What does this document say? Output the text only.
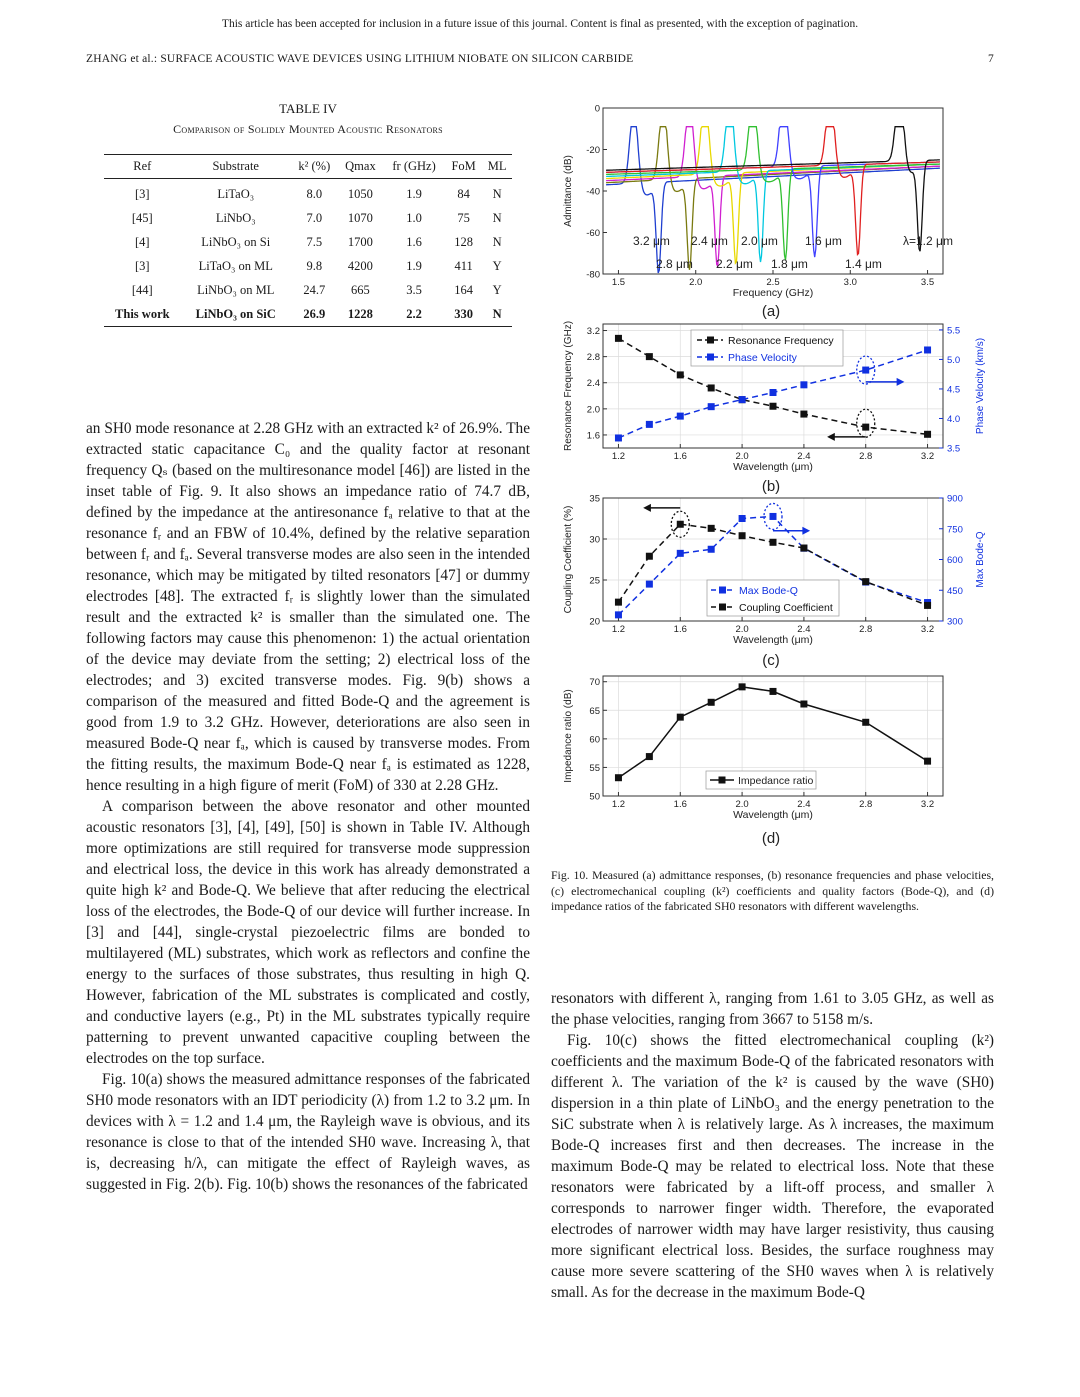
This article has been accepted for inclusion in a future issue of this journal. Content is final as presented, with the exception of pagination.
ZHANG et al.: SURFACE ACOUSTIC WAVE DEVICES USING LITHIUM NIOBATE ON SILICON CARBIDE	7
TABLE IV
Comparison of Solidly Mounted Acoustic Resonators
Ref	Substrate	k² (%)	Qmax	fr (GHz)	FoM	ML
[3]	LiTaO₃	8.0	1050	1.9	84	N
[45]	LiNbO₃	7.0	1070	1.0	75	N
[4]	LiNbO₃ on Si	7.5	1700	1.6	128	N
[3]	LiTaO₃ on ML	9.8	4200	1.9	411	Y
[44]	LiNbO₃ on ML	24.7	665	3.5	164	Y
This work	LiNbO₃ on SiC	26.9	1228	2.2	330	N

an SH0 mode resonance at 2.28 GHz with an extracted k² of 26.9%. The extracted static capacitance C₀ and the quality factor at resonant frequency Qₛ (based on the multiresonance model [46]) are listed in the inset table of Fig. 9. It also shows an impedance ratio of 74.7 dB, defined by the impedance at the antiresonance fₐ relative to that at the resonance fᵣ and an FBW of 10.4%, defined by the relative separation between fᵣ and fₐ. Several transverse modes are also seen in the intended resonance, which may be mitigated by tilted resonators [47] or dummy electrodes [48]. The extracted fᵣ is slightly lower than the simulated result and the extracted k² is smaller than the simulated one. The following factors may cause this phenomenon: 1) the actual orientation of the device may deviate from the setting; 2) electrical loss of the electrodes; and 3) excited transverse modes. Fig. 9(b) shows a comparison of the measured and fitted Bode-Q and the agreement is good from 1.9 to 3.2 GHz. However, deteriorations are also seen in measured Bode-Q near fₐ, which is caused by transverse modes. From the fitting results, the maximum Bode-Q near fₐ is estimated as 1228, hence resulting in a high figure of merit (FoM) of 330 at 2.28 GHz.

A comparison between the above resonator and other mounted acoustic resonators [3], [4], [49], [50] is shown in Table IV. Although more optimizations are still required for transverse mode suppression and electrical loss, the device in this work has already demonstrated a quite high k² and Bode-Q. We believe that after reducing the electrical loss of the electrodes, the Bode-Q of our device will further increase. In [3] and [44], single-crystal piezoelectric films are bonded to multilayered (ML) substrates, which work as reflectors and confine the energy to the surfaces of those substrates, thus resulting in high Q. However, fabrication of the ML substrates is complicated and costly, and conductive layers (e.g., Pt) in the ML substrates typically require patterning to prevent unwanted capacitive coupling between the electrodes on the top surface.

Fig. 10(a) shows the measured admittance responses of the fabricated SH0 mode resonators with an IDT periodicity (λ) from 1.2 to 3.2 μm. In devices with λ = 1.2 and 1.4 μm, the Rayleigh wave is obvious, and its resonance is close to that of the intended SH0 wave. Increasing λ, that is, decreasing h/λ, can mitigate the effect of Rayleigh waves, as suggested in Fig. 2(b). Fig. 10(b) shows the resonances of the fabricated

1.5	2.0	2.5	3.0	3.5
0
-20
-40
-60
-80
Frequency (GHz)
Admittance (dB)
3.2 μm 2.4 μm 2.0 μm 1.6 μm	λ=1.2 μm
2.8 μm 2.2 μm 1.8 μm	1.4 μm
(a)
1.2	1.6	2.0	2.4	2.8	3.2
1.6
2.0
2.4
2.8
3.2
3.5
4.0
4.5
5.0
5.5
Wavelength (μm)
Resonance Frequency (GHz)	Phase Velocity (km/s)
Resonance Frequency
Phase Velocity
(b)
1.2	1.6	2.0	2.4	2.8	3.2
20
25
30
35
300
450
600
750
900
Wavelength (μm)
Coupling Coefficient (%)	Max Bode-Q
Max Bode-Q
Coupling Coefficient
(c)
1.2	1.6	2.0	2.4	2.8	3.2
50
55
60
65
70
Wavelength (μm)
Impedance ratio (dB)	Impedance ratio
(d)
Fig. 10. Measured (a) admittance responses, (b) resonance frequencies and phase velocities, (c) electromechanical coupling (k²) coefficients and quality factors (Bode-Q), and (d) impedance ratios of the fabricated SH0 resonators with different wavelengths.

resonators with different λ, ranging from 1.61 to 3.05 GHz, as well as the phase velocities, ranging from 3667 to 5158 m/s.

Fig. 10(c) shows the fitted electromechanical coupling (k²) coefficients and the maximum Bode-Q of the fabricated resonators with different λ. The variation of the k² is caused by the wave (SH0) dispersion in a thin plate of LiNbO₃ and the energy penetration to the SiC substrate when λ is relatively large. As λ increases, the maximum Bode-Q increases first and then decreases. The increase in the maximum Bode-Q may be related to electrical loss. Note that these resonators were fabricated by a lift-off process, and smaller λ corresponds to narrower finger width. Therefore, the evaporated electrodes of narrower width may have larger resistivity, thus causing more significant electrical loss. Besides, the surface roughness may cause more severe scattering of the SH0 waves when λ is relatively small. As for the decrease in the maximum Bode-Q
